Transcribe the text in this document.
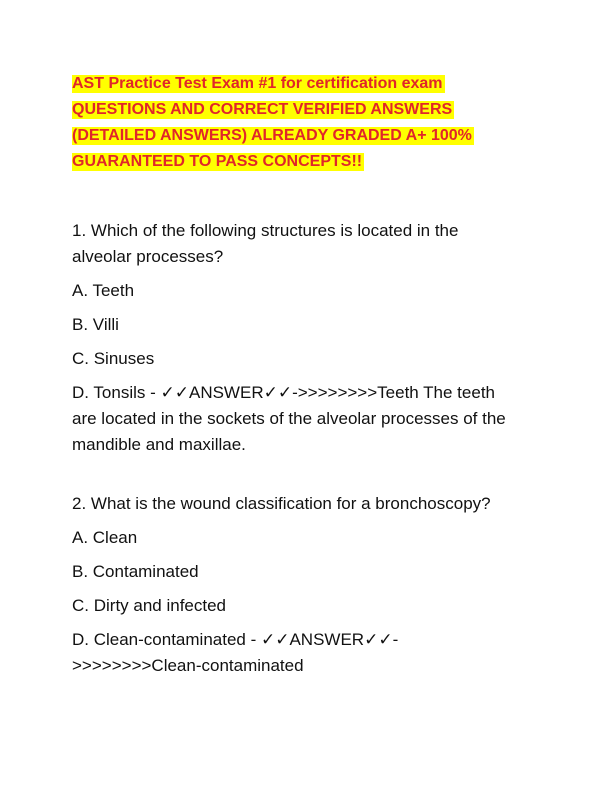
AST Practice Test Exam #1 for certification exam
QUESTIONS AND CORRECT VERIFIED ANSWERS
(DETAILED ANSWERS) ALREADY GRADED A+ 100%
GUARANTEED TO PASS CONCEPTS!!
1. Which of the following structures is located in the
alveolar processes?
A. Teeth
B. Villi
C. Sinuses
D. Tonsils - ✓✓ANSWER✓✓->>>>>>>>Teeth The teeth
are located in the sockets of the alveolar processes of the
mandible and maxillae.
2. What is the wound classification for a bronchoscopy?
A. Clean
B. Contaminated
C. Dirty and infected
D. Clean-contaminated - ✓✓ANSWER✓✓-
>>>>>>>>Clean-contaminated
